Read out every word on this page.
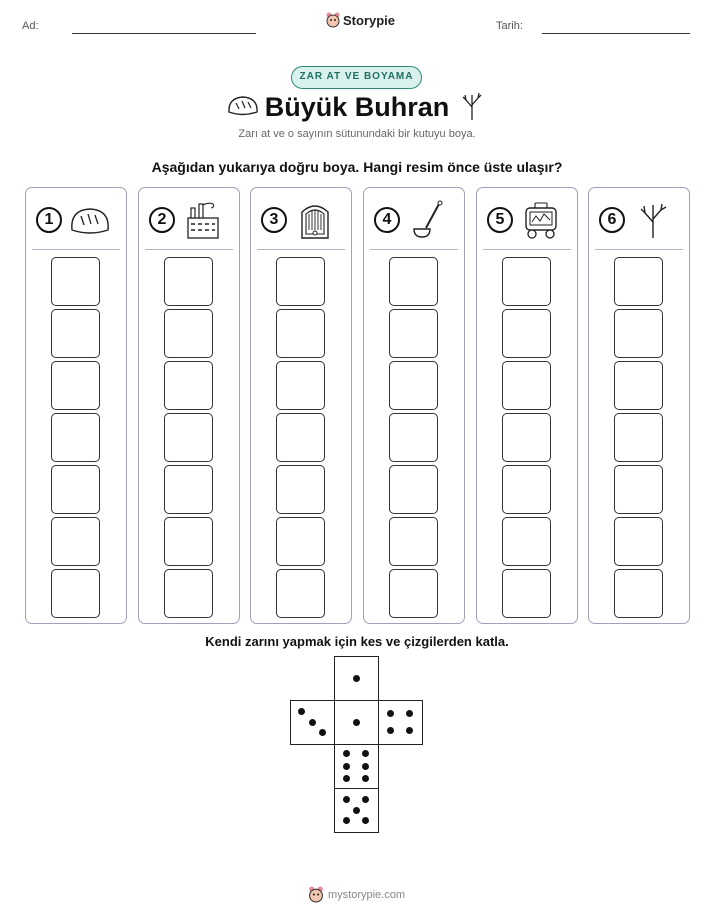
Ad:	Storypie	Tarih:
ZAR AT VE BOYAMA
Büyük Buhran
Zarı at ve o sayının sütunundaki bir kutuyu boya.
Aşağıdan yukarıya doğru boya. Hangi resim önce üste ulaşır?
1	2	3	4	5	6
Kendi zarını yapmak için kes ve çizgilerden katla.
mystorypie.com
